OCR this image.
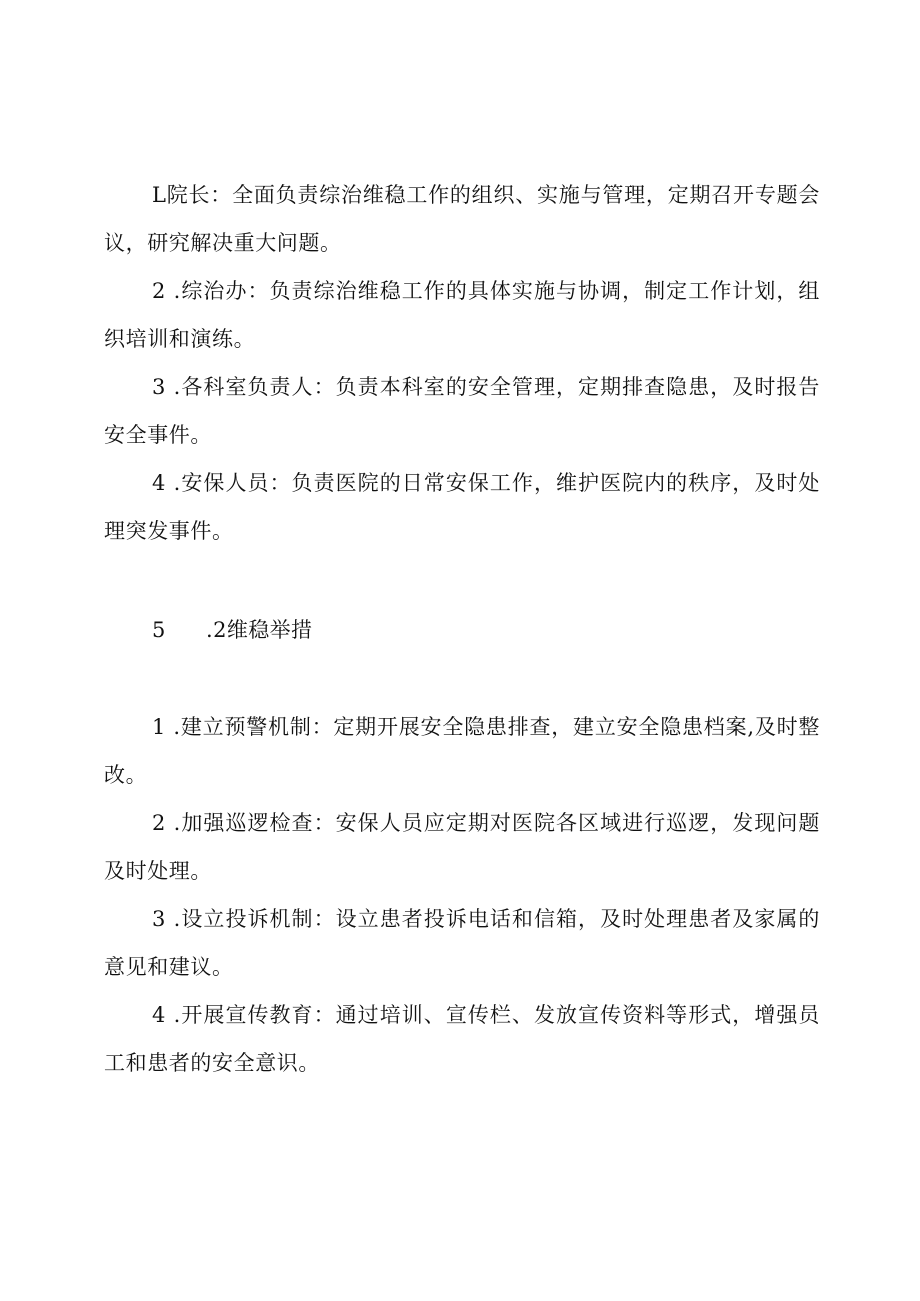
L院长：全面负责综治维稳工作的组织、实施与管理，定期召开专题会议，研究解决重大问题。

2 .综治办：负责综治维稳工作的具体实施与协调，制定工作计划，组织培训和演练。

3 .各科室负责人：负责本科室的安全管理，定期排查隐患，及时报告安全事件。

4 .安保人员：负责医院的日常安保工作，维护医院内的秩序，及时处理突发事件。

5 .2维稳举措

1 .建立预警机制：定期开展安全隐患排查，建立安全隐患档案,及时整改。

2 .加强巡逻检查：安保人员应定期对医院各区域进行巡逻，发现问题及时处理。

3 .设立投诉机制：设立患者投诉电话和信箱，及时处理患者及家属的意见和建议。

4 .开展宣传教育：通过培训、宣传栏、发放宣传资料等形式，增强员工和患者的安全意识。
